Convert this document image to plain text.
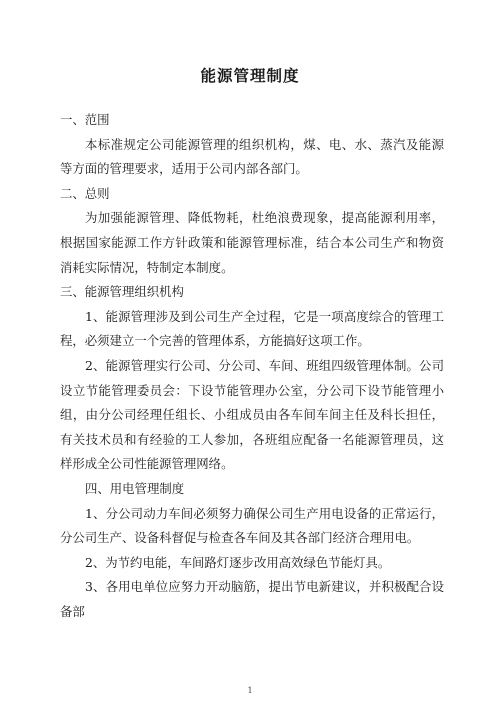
能源管理制度

一、范围

本标准规定公司能源管理的组织机构，煤、电、水、蒸汽及能源等方面的管理要求，适用于公司内部各部门。

二、总则

为加强能源管理、降低物耗，杜绝浪费现象，提高能源利用率，根据国家能源工作方针政策和能源管理标准，结合本公司生产和物资消耗实际情况，特制定本制度。

三、能源管理组织机构

1、能源管理涉及到公司生产全过程，它是一项高度综合的管理工程，必须建立一个完善的管理体系，方能搞好这项工作。

2、能源管理实行公司、分公司、车间、班组四级管理体制。公司设立节能管理委员会：下设节能管理办公室，分公司下设节能管理小组，由分公司经理任组长、小组成员由各车间车间主任及科长担任，有关技术员和有经验的工人参加，各班组应配备一名能源管理员，这样形成全公司性能源管理网络。

四、用电管理制度

1、分公司动力车间必须努力确保公司生产用电设备的正常运行，分公司生产、设备科督促与检查各车间及其各部门经济合理用电。

2、为节约电能，车间路灯逐步改用高效绿色节能灯具。

3、各用电单位应努力开动脑筋，提出节电新建议，并积极配合设备部

1
